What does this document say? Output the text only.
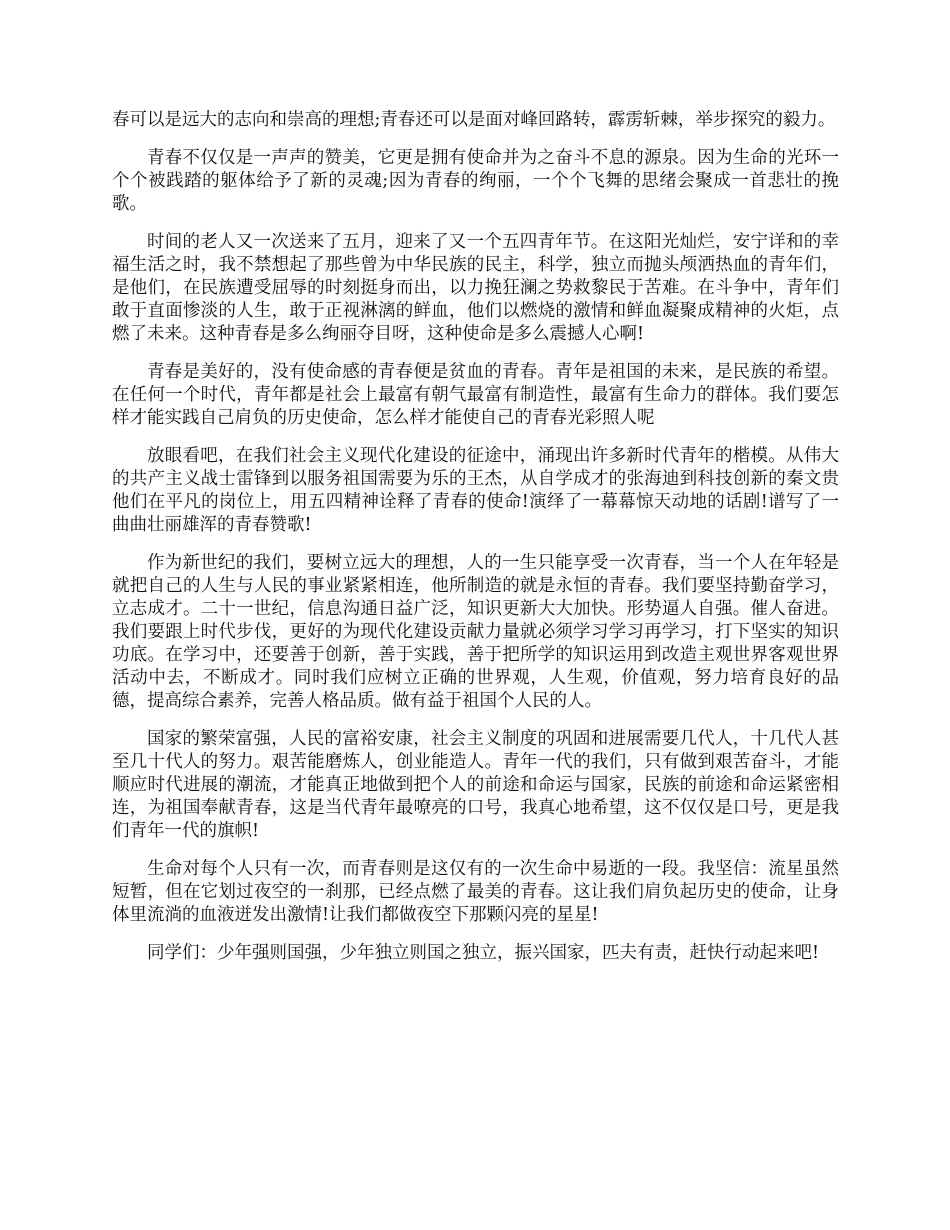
春可以是远大的志向和崇高的理想;青春还可以是面对峰回路转，霹雳斩棘，举步探究的毅力。

青春不仅仅是一声声的赞美，它更是拥有使命并为之奋斗不息的源泉。因为生命的光环一个个被践踏的躯体给予了新的灵魂;因为青春的绚丽，一个个飞舞的思绪会聚成一首悲壮的挽歌。

时间的老人又一次送来了五月，迎来了又一个五四青年节。在这阳光灿烂，安宁详和的幸福生活之时，我不禁想起了那些曾为中华民族的民主，科学，独立而抛头颅洒热血的青年们，是他们，在民族遭受屈辱的时刻挺身而出，以力挽狂澜之势救黎民于苦难。在斗争中，青年们敢于直面惨淡的人生，敢于正视淋漓的鲜血，他们以燃烧的激情和鲜血凝聚成精神的火炬，点燃了未来。这种青春是多么绚丽夺目呀，这种使命是多么震撼人心啊!

青春是美好的，没有使命感的青春便是贫血的青春。青年是祖国的未来，是民族的希望。在任何一个时代，青年都是社会上最富有朝气最富有制造性，最富有生命力的群体。我们要怎样才能实践自己肩负的历史使命，怎么样才能使自己的青春光彩照人呢

放眼看吧，在我们社会主义现代化建设的征途中，涌现出许多新时代青年的楷模。从伟大的共产主义战士雷锋到以服务祖国需要为乐的王杰，从自学成才的张海迪到科技创新的秦文贵他们在平凡的岗位上，用五四精神诠释了青春的使命!演绎了一幕幕惊天动地的话剧!谱写了一曲曲壮丽雄浑的青春赞歌!

作为新世纪的我们，要树立远大的理想，人的一生只能享受一次青春，当一个人在年轻是就把自己的人生与人民的事业紧紧相连，他所制造的就是永恒的青春。我们要坚持勤奋学习，立志成才。二十一世纪，信息沟通日益广泛，知识更新大大加快。形势逼人自强。催人奋进。我们要跟上时代步伐，更好的为现代化建设贡献力量就必须学习学习再学习，打下坚实的知识功底。在学习中，还要善于创新，善于实践，善于把所学的知识运用到改造主观世界客观世界活动中去，不断成才。同时我们应树立正确的世界观，人生观，价值观，努力培育良好的品德，提高综合素养，完善人格品质。做有益于祖国个人民的人。

国家的繁荣富强，人民的富裕安康，社会主义制度的巩固和进展需要几代人，十几代人甚至几十代人的努力。艰苦能磨炼人，创业能造人。青年一代的我们，只有做到艰苦奋斗，才能顺应时代进展的潮流，才能真正地做到把个人的前途和命运与国家，民族的前途和命运紧密相连，为祖国奉献青春，这是当代青年最嘹亮的口号，我真心地希望，这不仅仅是口号，更是我们青年一代的旗帜!

生命对每个人只有一次，而青春则是这仅有的一次生命中易逝的一段。我坚信：流星虽然短暂，但在它划过夜空的一刹那，已经点燃了最美的青春。这让我们肩负起历史的使命，让身体里流淌的血液迸发出激情!让我们都做夜空下那颗闪亮的星星!

同学们：少年强则国强，少年独立则国之独立，振兴国家，匹夫有责，赶快行动起来吧!
